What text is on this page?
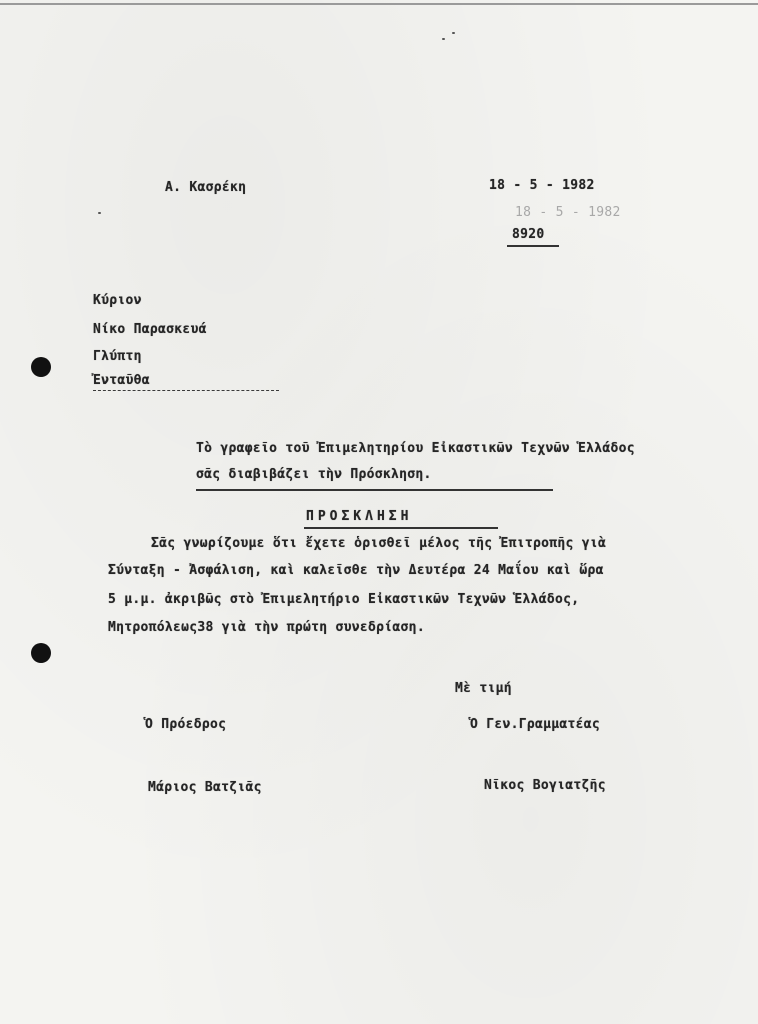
Α. Κασρέκη	18 - 5 - 1982
18 - 5 - 1982
8920
Κύριον
Νίκο Παρασκευά
Γλύπτη
Ἐνταῦθα
Τὸ γραφεῖο τοῦ Ἐπιμελητηρίου Εἰκαστικῶν Τεχνῶν Ἑλλάδος
σᾶς διαβιβάζει τὴν Πρόσκληση.
ΠΡΟΣΚΛΗΣΗ
Σᾶς γνωρίζουμε ὅτι ἔχετε ὁρισθεῖ μέλος τῆς Ἐπιτροπῆς γιὰ
Σύνταξη - Ἀσφάλιση, καὶ καλεῖσθε τὴν Δευτέρα 24 Μαΐου καὶ ὥρα
5 μ.μ. ἀκριβῶς στὸ Ἐπιμελητήριο Εἰκαστικῶν Τεχνῶν Ἑλλάδος,
Μητροπόλεως38 γιὰ τὴν πρώτη συνεδρίαση.
Μὲ τιμή
Ὁ Πρόεδρος	Ὁ Γεν.Γραμματέας
Μάριος Βατζιᾶς	Νῖκος Βογιατζῆς
